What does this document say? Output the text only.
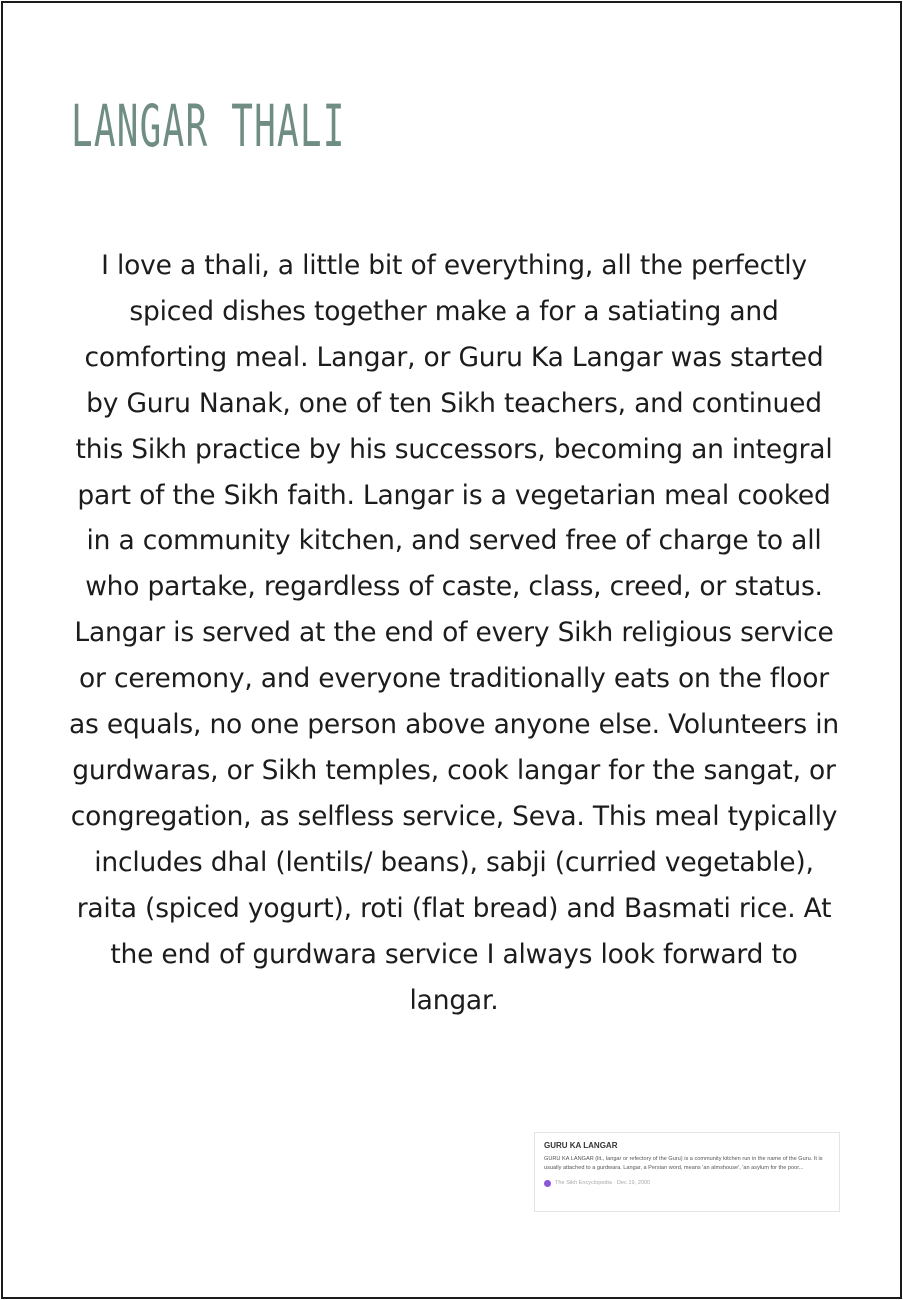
LANGAR THALI

I love a thali, a little bit of everything, all the perfectly spiced dishes together make a for a satiating and comforting meal. Langar, or Guru Ka Langar was started by Guru Nanak, one of ten Sikh teachers, and continued this Sikh practice by his successors, becoming an integral part of the Sikh faith. Langar is a vegetarian meal cooked in a community kitchen, and served free of charge to all who partake, regardless of caste, class, creed, or status. Langar is served at the end of every Sikh religious service or ceremony, and everyone traditionally eats on the floor as equals, no one person above anyone else. Volunteers in gurdwaras, or Sikh temples, cook langar for the sangat, or congregation, as selfless service, Seva. This meal typically includes dhal (lentils/ beans), sabji (curried vegetable), raita (spiced yogurt), roti (flat bread) and Basmati rice. At the end of gurdwara service I always look forward to langar.

GURU KA LANGAR

GURU KA LANGAR (lit., langar or refectory of the Guru) is a community kitchen run in the name of the Guru. It is usually attached to a gurdwara. Langar, a Persian word, means 'an almshouse', 'an asylum for the poor...

The Sikh Encyclopedia · Dec 19, 2000
